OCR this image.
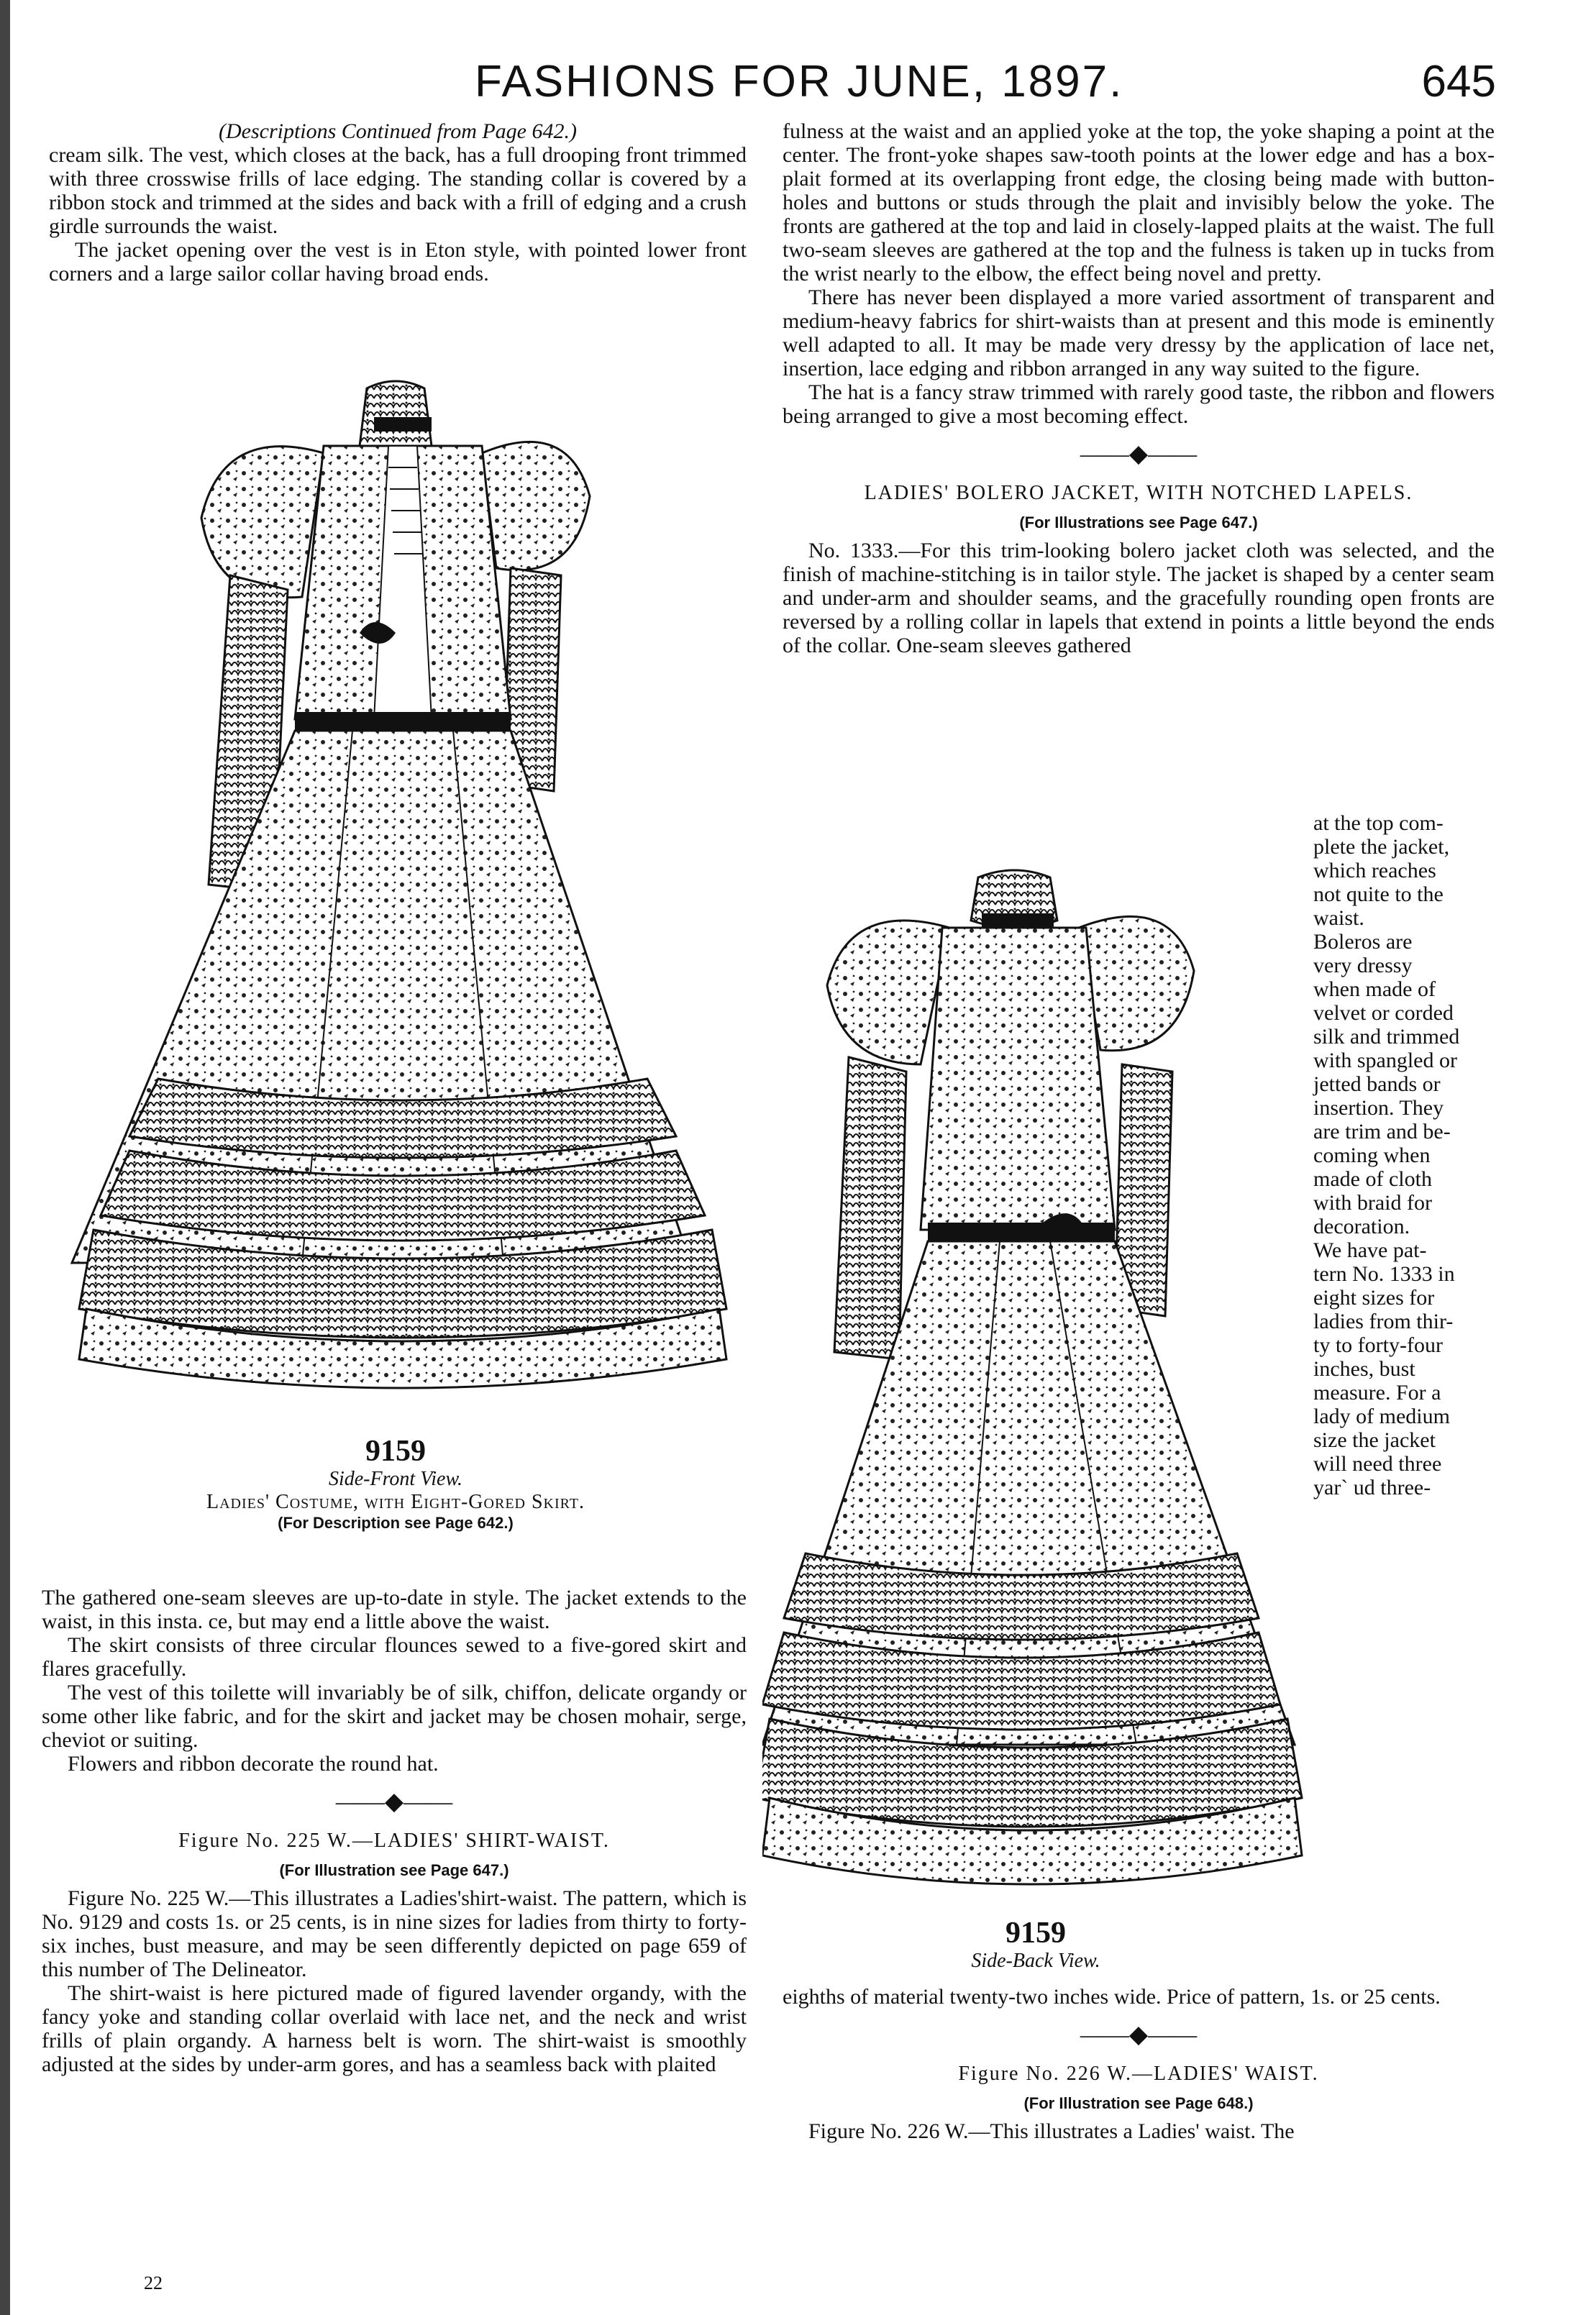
FASHIONS FOR JUNE, 1897.	645

(Descriptions Continued from Page 642.)

cream silk. The vest, which closes at the back, has a full drooping front trimmed with three crosswise frills of lace edging. The standing collar is covered by a ribbon stock and trimmed at the sides and back with a frill of edging and a crush girdle surrounds the waist.

The jacket opening over the vest is in Eton style, with pointed lower front corners and a large sailor collar having broad ends.

9159
Side-Front View.
Ladies' Costume, with Eight-Gored Skirt.
(For Description see Page 642.)

The gathered one-seam sleeves are up-to-date in style. The jacket extends to the waist, in this insta. ce, but may end a little above the waist.

The skirt consists of three circular flounces sewed to a five-gored skirt and flares gracefully.

The vest of this toilette will invariably be of silk, chiffon, delicate organdy or some other like fabric, and for the skirt and jacket may be chosen mohair, serge, cheviot or suiting.

Flowers and ribbon decorate the round hat.

——◆——
Figure No. 225 W.—LADIES' SHIRT-WAIST.
(For Illustration see Page 647.)

Figure No. 225 W.—This illustrates a Ladies'shirt-waist. The pattern, which is No. 9129 and costs 1s. or 25 cents, is in nine sizes for ladies from thirty to forty-six inches, bust measure, and may be seen differently depicted on page 659 of this number of The Delineator.

The shirt-waist is here pictured made of figured lavender organdy, with the fancy yoke and standing collar overlaid with lace net, and the neck and wrist frills of plain organdy. A harness belt is worn. The shirt-waist is smoothly adjusted at the sides by under-arm gores, and has a seamless back with plaited

22

fulness at the waist and an applied yoke at the top, the yoke shaping a point at the center. The front-yoke shapes saw-tooth points at the lower edge and has a box-plait formed at its overlapping front edge, the closing being made with button-holes and buttons or studs through the plait and invisibly below the yoke. The fronts are gathered at the top and laid in closely-lapped plaits at the waist. The full two-seam sleeves are gathered at the top and the fulness is taken up in tucks from the wrist nearly to the elbow, the effect being novel and pretty.

There has never been displayed a more varied assortment of transparent and medium-heavy fabrics for shirt-waists than at present and this mode is eminently well adapted to all. It may be made very dressy by the application of lace net, insertion, lace edging and ribbon arranged in any way suited to the figure.

The hat is a fancy straw trimmed with rarely good taste, the ribbon and flowers being arranged to give a most becoming effect.

——◆——
LADIES' BOLERO JACKET, WITH NOTCHED LAPELS.
(For Illustrations see Page 647.)

No. 1333.—For this trim-looking bolero jacket cloth was selected, and the finish of machine-stitching is in tailor style. The jacket is shaped by a center seam and under-arm and shoulder seams, and the gracefully rounding open fronts are reversed by a rolling collar in lapels that extend in points a little beyond the ends of the collar. One-seam sleeves gathered

at the top com-
plete the jacket,
which reaches
not quite to the
waist.
Boleros are
very dressy
when made of
velvet or corded
silk and trimmed
with spangled or
jetted bands or
insertion. They
are trim and be-
coming when
made of cloth
with braid for
decoration.
We have pat-
tern No. 1333 in
eight sizes for
ladies from thir-
ty to forty-four
inches, bust
measure. For a
lady of medium
size the jacket
will need three
yar` ud three-
9159
Side-Back View.

eighths of material twenty-two inches wide. Price of pattern, 1s. or 25 cents.

——◆——
Figure No. 226 W.—LADIES' WAIST.
(For Illustration see Page 648.)

Figure No. 226 W.—This illustrates a Ladies' waist. The
